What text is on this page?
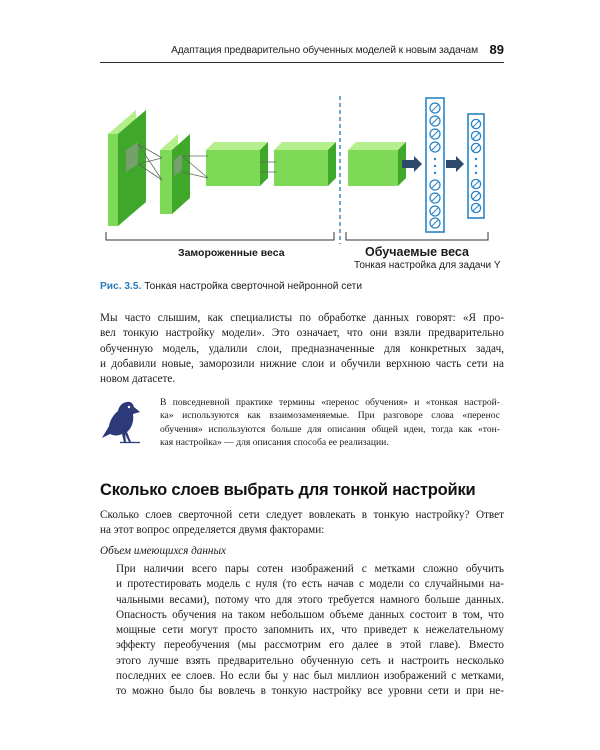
Адаптация предварительно обученных моделей к новым задачам 89
Замороженные веса	Обучаемые веса
Тонкая настройка для задачи Y
Рис. 3.5. Тонкая настройка сверточной нейронной сети
Мы часто слышим, как специалисты по обработке данных говорят: «Я про-
вел тонкую настройку модели». Это означает, что они взяли предварительно
обученную модель, удалили слои, предназначенные для конкретных задач,
и добавили новые, заморозили нижние слои и обучили верхнюю часть сети на
новом датасете.
В повседневной практике термины «перенос обучения» и «тонкая настрой-
ка» используются как взаимозаменяемые. При разговоре слова «перенос
обучения» используются больше для описания общей идеи, тогда как «тон-
кая настройка» — для описания способа ее реализации.
Сколько слоев выбрать для тонкой настройки
Сколько слоев сверточной сети следует вовлекать в тонкую настройку? Ответ
на этот вопрос определяется двумя факторами:
Объем имеющихся данных
При наличии всего пары сотен изображений с метками сложно обучить
и протестировать модель с нуля (то есть начав с модели со случайными на-
чальными весами), потому что для этого требуется намного больше данных.
Опасность обучения на таком небольшом объеме данных состоит в том, что
мощные сети могут просто запомнить их, что приведет к нежелательному
эффекту переобучения (мы рассмотрим его далее в этой главе). Вместо
этого лучше взять предварительно обученную сеть и настроить несколько
последних ее слоев. Но если бы у нас был миллион изображений с метками,
то можно было бы вовлечь в тонкую настройку все уровни сети и при не-
